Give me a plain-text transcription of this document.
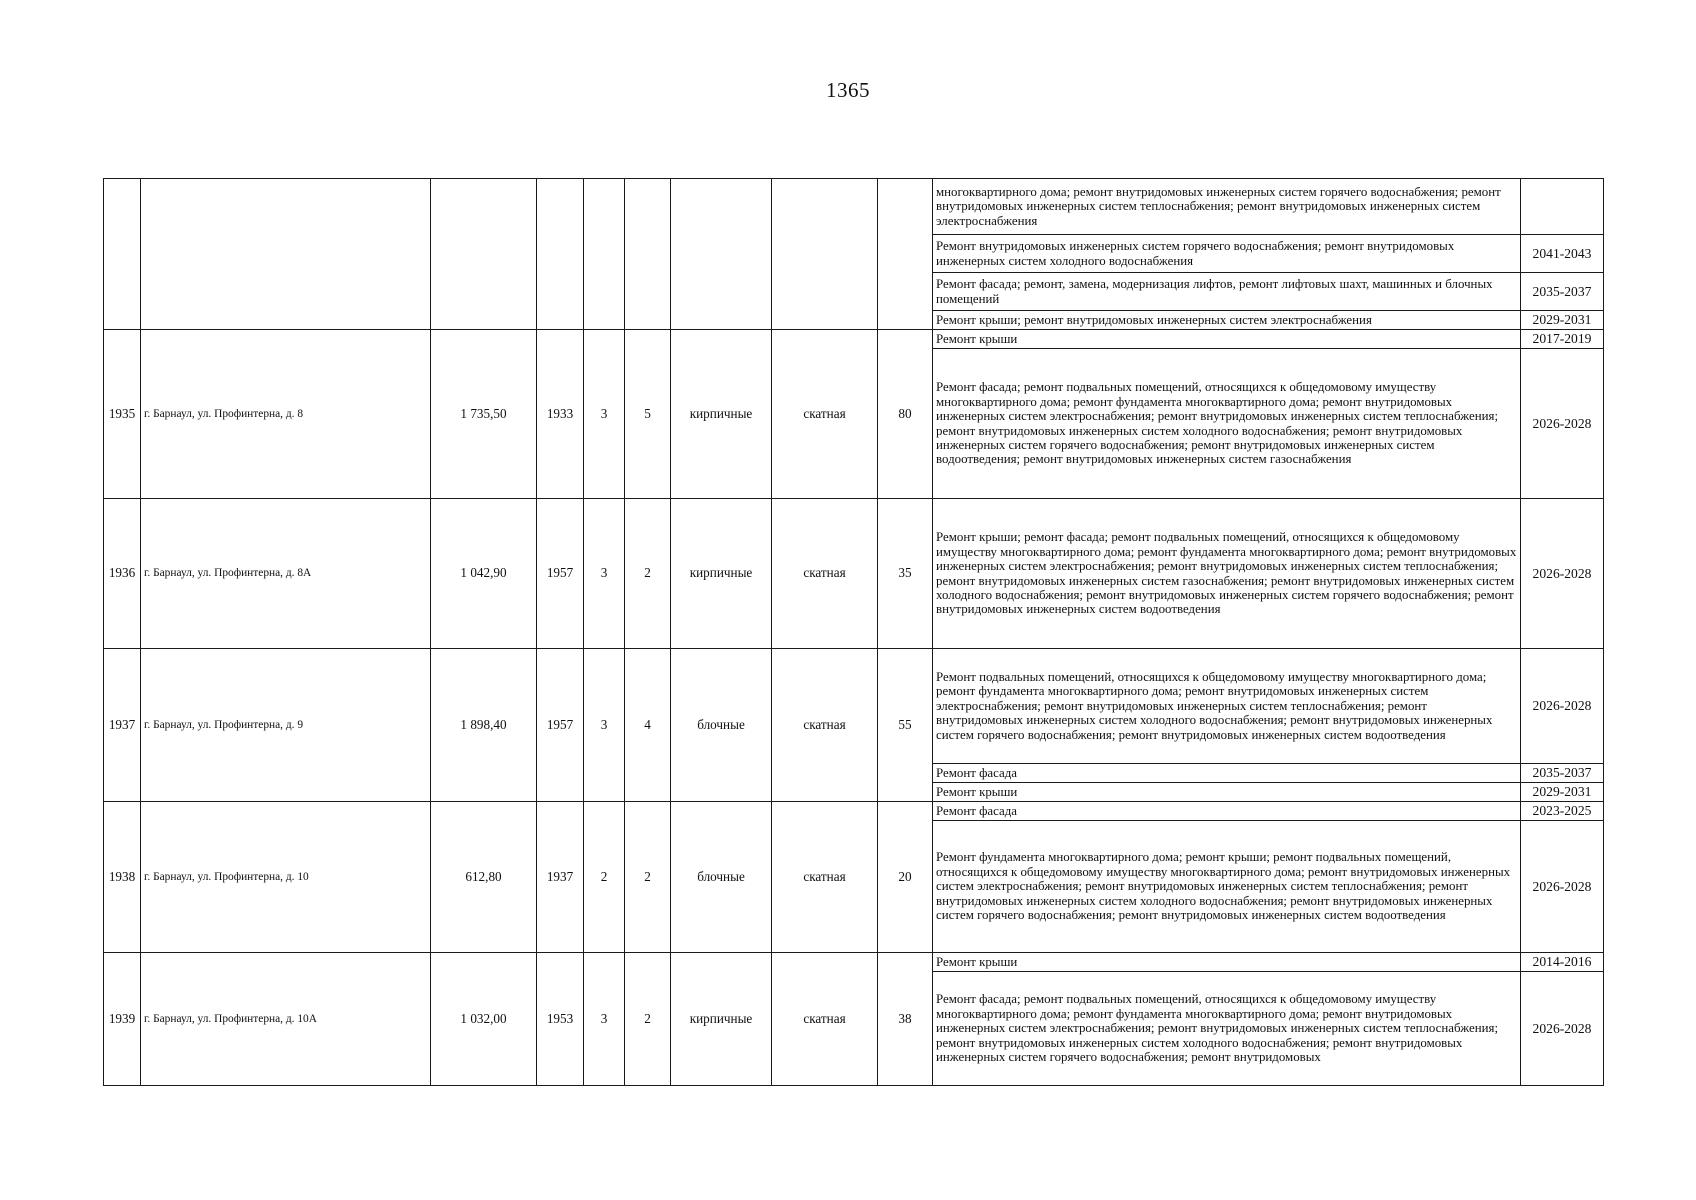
1365
									многоквартирного дома; ремонт внутридомовых инженерных систем горячего водоснабжения; ремонт внутридомовых инженерных систем теплоснабжения; ремонт внутридомовых инженерных систем электроснабжения	
									Ремонт внутридомовых инженерных систем горячего водоснабжения; ремонт внутридомовых инженерных систем холодного водоснабжения	2041-2043
									Ремонт фасада; ремонт, замена, модернизация лифтов, ремонт лифтовых шахт, машинных и блочных помещений	2035-2037
									Ремонт крыши; ремонт внутридомовых инженерных систем электроснабжения	2029-2031
1935	г. Барнаул, ул. Профинтерна, д. 8	1 735,50	1933	3	5	кирпичные	скатная	80	Ремонт крыши	2017-2019
									Ремонт фасада; ремонт подвальных помещений, относящихся к общедомовому имуществу многоквартирного дома; ремонт фундамента многоквартирного дома; ремонт внутридомовых инженерных систем электроснабжения; ремонт внутридомовых инженерных систем теплоснабжения; ремонт внутридомовых инженерных систем холодного водоснабжения; ремонт внутридомовых инженерных систем горячего водоснабжения; ремонт внутридомовых инженерных систем водоотведения; ремонт внутридомовых инженерных систем газоснабжения	2026-2028
1936	г. Барнаул, ул. Профинтерна, д. 8А	1 042,90	1957	3	2	кирпичные	скатная	35	Ремонт крыши; ремонт фасада; ремонт подвальных помещений, относящихся к общедомовому имуществу многоквартирного дома; ремонт фундамента многоквартирного дома; ремонт внутридомовых инженерных систем электроснабжения; ремонт внутридомовых инженерных систем теплоснабжения; ремонт внутридомовых инженерных систем газоснабжения; ремонт внутридомовых инженерных систем холодного водоснабжения; ремонт внутридомовых инженерных систем горячего водоснабжения; ремонт внутридомовых инженерных систем водоотведения	2026-2028
1937	г. Барнаул, ул. Профинтерна, д. 9	1 898,40	1957	3	4	блочные	скатная	55	Ремонт подвальных помещений, относящихся к общедомовому имуществу многоквартирного дома; ремонт фундамента многоквартирного дома; ремонт внутридомовых инженерных систем электроснабжения; ремонт внутридомовых инженерных систем теплоснабжения; ремонт внутридомовых инженерных систем холодного водоснабжения; ремонт внутридомовых инженерных систем горячего водоснабжения; ремонт внутридомовых инженерных систем водоотведения	2026-2028
									Ремонт фасада	2035-2037
									Ремонт крыши	2029-2031
1938	г. Барнаул, ул. Профинтерна, д. 10	612,80	1937	2	2	блочные	скатная	20	Ремонт фасада	2023-2025
									Ремонт фундамента многоквартирного дома; ремонт крыши; ремонт подвальных помещений, относящихся к общедомовому имуществу многоквартирного дома; ремонт внутридомовых инженерных систем электроснабжения; ремонт внутридомовых инженерных систем теплоснабжения; ремонт внутридомовых инженерных систем холодного водоснабжения; ремонт внутридомовых инженерных систем горячего водоснабжения; ремонт внутридомовых инженерных систем водоотведения	2026-2028
1939	г. Барнаул, ул. Профинтерна, д. 10А	1 032,00	1953	3	2	кирпичные	скатная	38	Ремонт крыши	2014-2016
									Ремонт фасада; ремонт подвальных помещений, относящихся к общедомовому имуществу многоквартирного дома; ремонт фундамента многоквартирного дома; ремонт внутридомовых инженерных систем электроснабжения; ремонт внутридомовых инженерных систем теплоснабжения; ремонт внутридомовых инженерных систем холодного водоснабжения; ремонт внутридомовых инженерных систем горячего водоснабжения; ремонт внутридомовых	2026-2028
